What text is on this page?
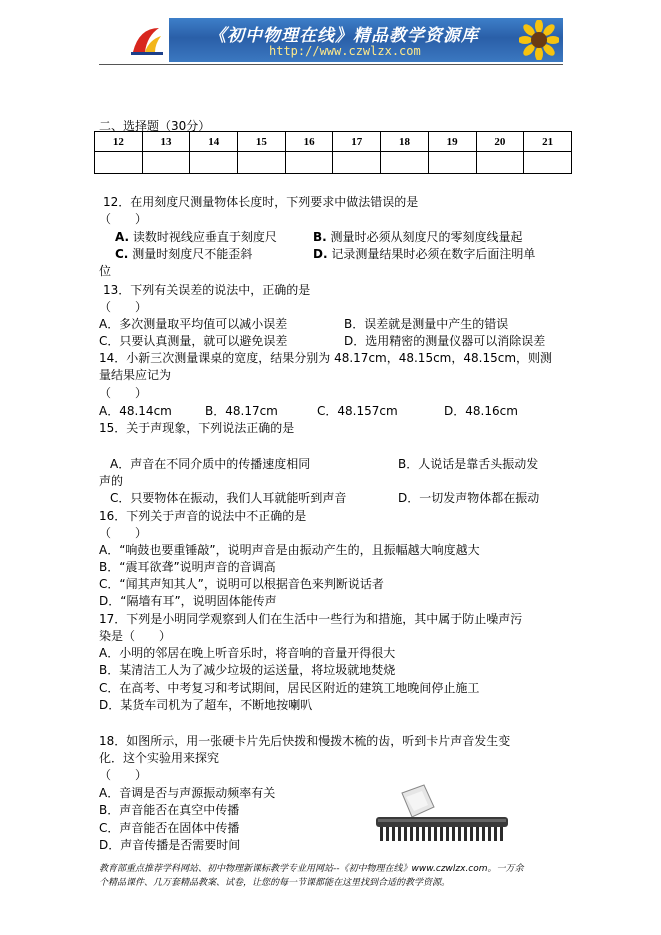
《初中物理在线》精品教学资源库
http://www.czwlzx.com
二、选择题（30分）
12	13	14	15	16	17	18	19	20	21

12．在用刻度尺测量物体长度时，下列要求中做法错误的是
（　　）
A. 读数时视线应垂直于刻度尺	B. 测量时必须从刻度尺的零刻度线量起
C. 测量时刻度尺不能歪斜	D. 记录测量结果时必须在数字后面注明单
位
13．下列有关误差的说法中，正确的是
（　　）
A．多次测量取平均值可以减小误差	B．误差就是测量中产生的错误
C．只要认真测量，就可以避免误差	D．选用精密的测量仪器可以消除误差
14．小新三次测量课桌的宽度，结果分别为 48.17cm，48.15cm，48.15cm，则测
量结果应记为
（　　）
A．48.14cm	B．48.17cm	C．48.157cm	D．48.16cm
15．关于声现象，下列说法正确的是
A．声音在不同介质中的传播速度相同	B．人说话是靠舌头振动发
声的
C．只要物体在振动，我们人耳就能听到声音	D．一切发声物体都在振动
16．下列关于声音的说法中不正确的是
（　　）
A．“响鼓也要重锤敲”，说明声音是由振动产生的，且振幅越大响度越大
B．“震耳欲聋”说明声音的音调高
C．“闻其声知其人”，说明可以根据音色来判断说话者
D．“隔墙有耳”，说明固体能传声
17．下列是小明同学观察到人们在生活中一些行为和措施，其中属于防止噪声污
染是（　　）
A．小明的邻居在晚上听音乐时，将音响的音量开得很大
B．某清洁工人为了减少垃圾的运送量，将垃圾就地焚烧
C．在高考、中考复习和考试期间，居民区附近的建筑工地晚间停止施工
D．某货车司机为了超车，不断地按喇叭
18．如图所示，用一张硬卡片先后快拨和慢拨木梳的齿，听到卡片声音发生变
化．这个实验用来探究
（　　）
A．音调是否与声源振动频率有关
B．声音能否在真空中传播
C．声音能否在固体中传播
D．声音传播是否需要时间
教育部重点推荐学科网站、初中物理新课标教学专业用网站--《初中物理在线》www.czwlzx.com。一万余
个精品课件、几万套精品教案、试卷，让您的每一节课都能在这里找到合适的教学资源。
